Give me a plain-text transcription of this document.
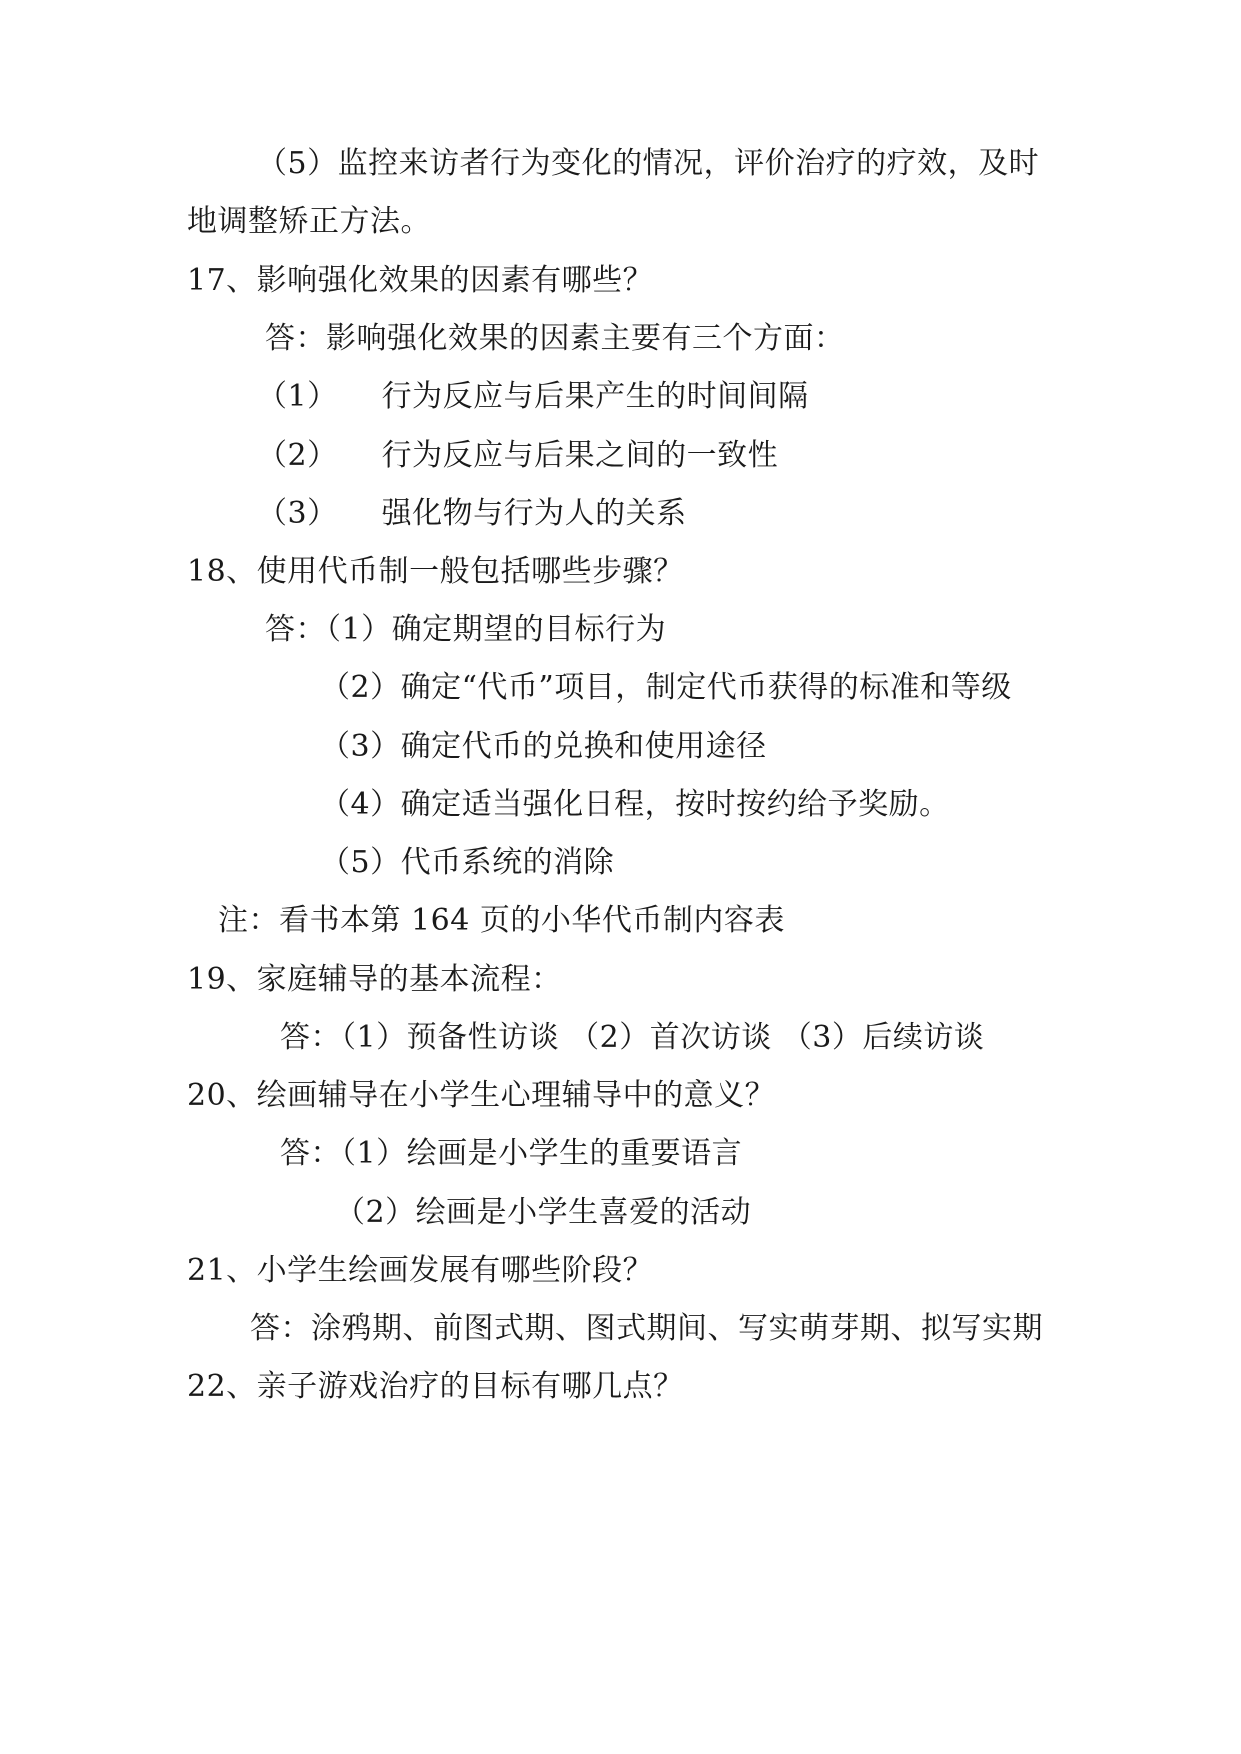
（5）监控来访者行为变化的情况，评价治疗的疗效，及时
地调整矫正方法。
17、影响强化效果的因素有哪些？
答：影响强化效果的因素主要有三个方面：
（1） 行为反应与后果产生的时间间隔
（2） 行为反应与后果之间的一致性
（3） 强化物与行为人的关系
18、使用代币制一般包括哪些步骤？
答：（1）确定期望的目标行为
（2）确定“代币”项目，制定代币获得的标准和等级
（3）确定代币的兑换和使用途径
（4）确定适当强化日程，按时按约给予奖励。
（5）代币系统的消除
注：看书本第 164 页的小华代币制内容表
19、家庭辅导的基本流程：
答：（1）预备性访谈 （2）首次访谈 （3）后续访谈
20、绘画辅导在小学生心理辅导中的意义？
答：（1）绘画是小学生的重要语言
（2）绘画是小学生喜爱的活动
21、小学生绘画发展有哪些阶段？
答：涂鸦期、前图式期、图式期间、写实萌芽期、拟写实期
22、亲子游戏治疗的目标有哪几点？
